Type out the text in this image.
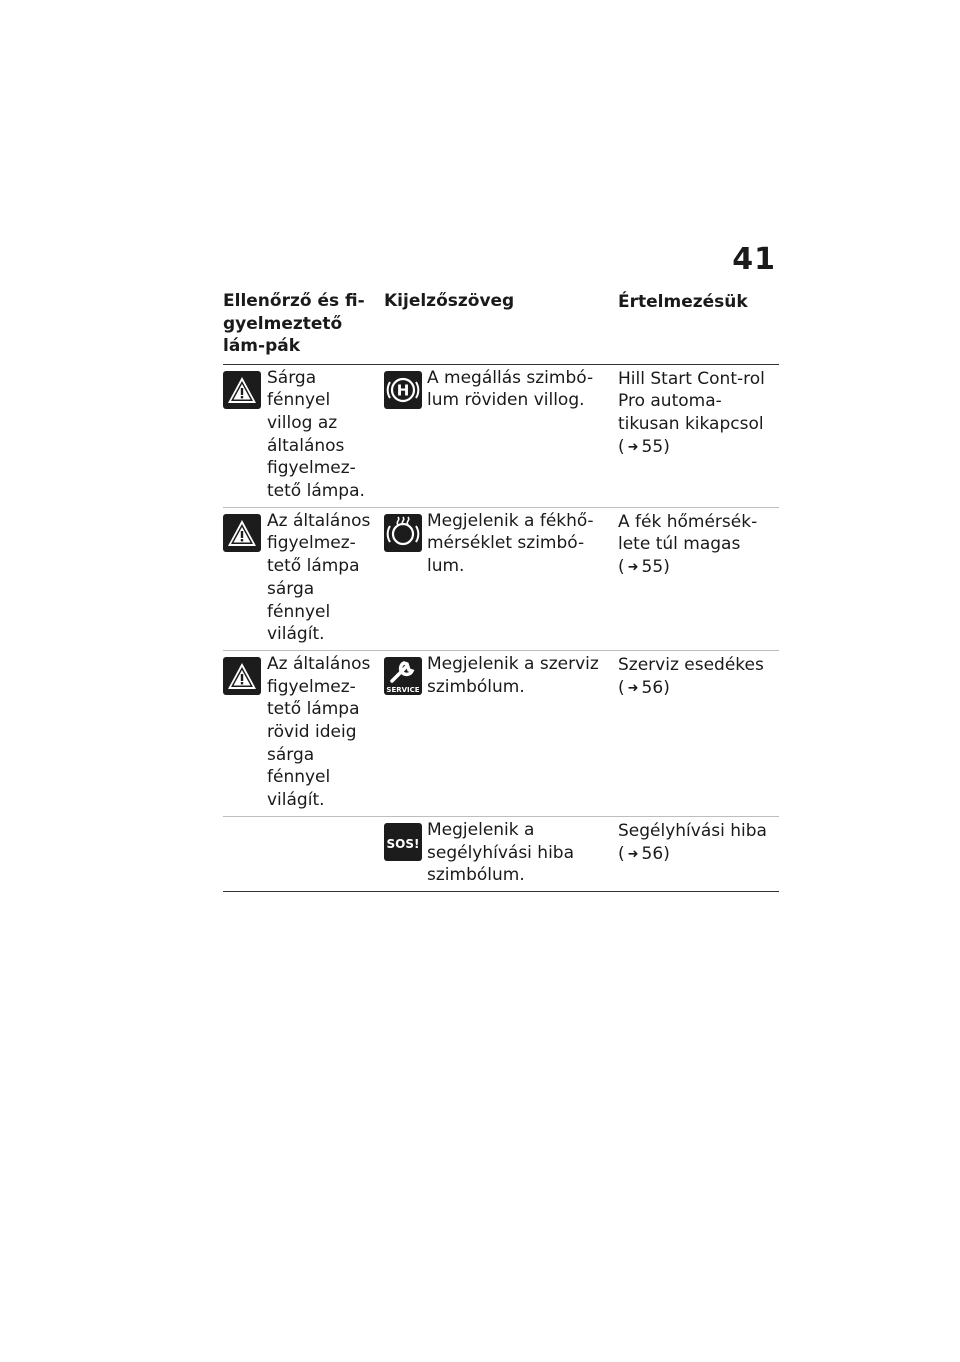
41
Ellenőrző és fi-gyelmeztető lám-pák
Kijelzőszöveg	Értelmezésük
Sárga fénnyel villog az általános figyelmez-tető lámpa.
H
A megállás szimbó-lum röviden villog.
Hill Start Cont-rol Pro automa-tikusan kikapcsol
( ➜ 55)
Az általános figyelmez-tető lámpa sárga fénnyel világít.
Megjelenik a fékhő-mérséklet szimbó-lum.
A fék hőmérsék-lete túl magas
( ➜ 55)
Az általános figyelmez-tető lámpa rövid ideig sárga fénnyel világít.
SERVICE
Megjelenik a szerviz szimbólum.
Szerviz esedékes
( ➜ 56)
SOS!
Megjelenik a segélyhívási hiba szimbólum.
Segélyhívási hiba
( ➜ 56)
